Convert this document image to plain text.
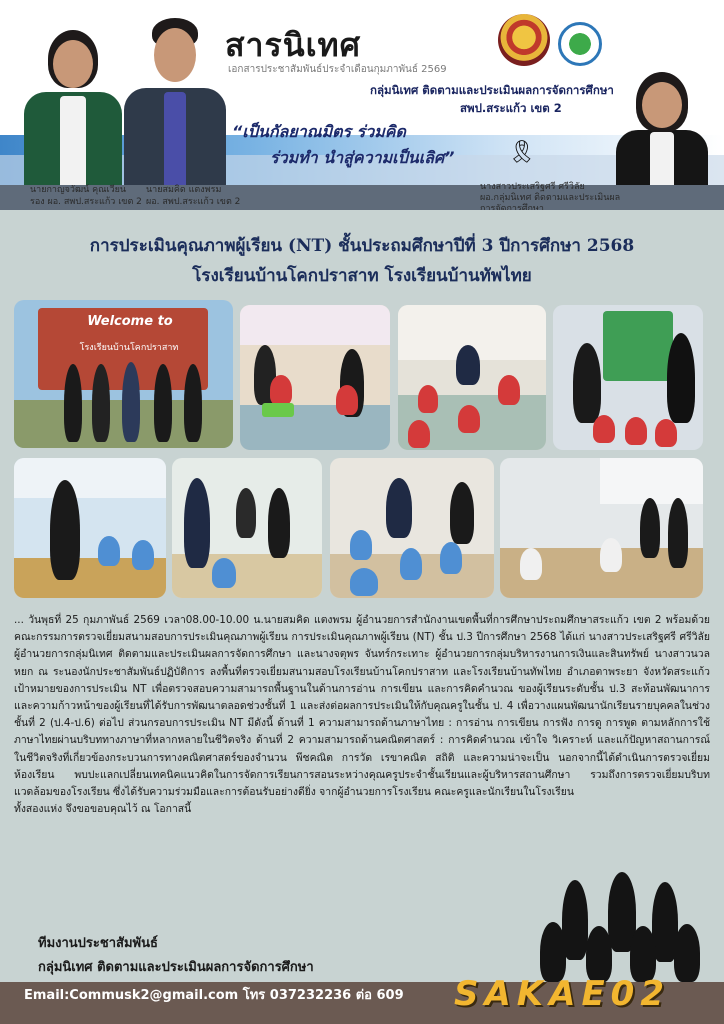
สารนิเทศ
เอกสารประชาสัมพันธ์ประจำเดือนกุมภาพันธ์ 2569
กลุ่มนิเทศ ติดตามและประเมินผลการจัดการศึกษา
สพป.สระแก้ว เขต 2
“เป็นกัลยาณมิตร ร่วมคิด
ร่วมทำ นำสู่ความเป็นเลิศ” 🎗
นายกาญจวัฒน์ คุณเวียน
รอง ผอ. สพป.สระแก้ว เขต 2
นายสมคิด แตงพรม
ผอ. สพป.สระแก้ว เขต 2
นางสาวประเสริฐศรี ศรีวิลัย
ผอ.กลุ่มนิเทศ ติดตามและประเมินผล
การจัดการศึกษา
การประเมินคุณภาพผู้เรียน (NT) ชั้นประถมศึกษาปีที่ 3 ปีการศึกษา 2568
โรงเรียนบ้านโคกปราสาท โรงเรียนบ้านทัพไทย
Welcome to
โรงเรียนบ้านโคกปราสาท
... วันพุธที่ 25 กุมภาพันธ์ 2569 เวลา08.00-10.00 น.นายสมคิด แตงพรม ผู้อำนวยการสำนักงานเขตพื้นที่การศึกษาประถมศึกษาสระแก้ว เขต 2 พร้อมด้วยคณะกรรมการตรวจเยี่ยมสนามสอบการประเมินคุณภาพผู้เรียน การประเมินคุณภาพผู้เรียน (NT) ชั้น ป.3 ปีการศึกษา 2568 ได้แก่ นางสาวประเสริฐศรี ศรีวิลัย ผู้อำนวยการกลุ่มนิเทศ ติดตามและประเมินผลการจัดการศึกษา และนางจตุพร จันทร์กระเทาะ ผู้อำนวยการกลุ่มบริหารงานการเงินและสินทรัพย์ นางสาวนวลหยก ณ ระนองนักประชาสัมพันธ์ปฏิบัติการ ลงพื้นที่ตรวจเยี่ยมสนามสอบโรงเรียนบ้านโคกปราสาท และโรงเรียนบ้านทัพไทย อำเภอตาพระยา จังหวัดสระแก้ว เป้าหมายของการประเมิน NT เพื่อตรวจสอบความสามารถพื้นฐานในด้านการอ่าน การเขียน และการคิดคำนวณ ของผู้เรียนระดับชั้น ป.3 สะท้อนพัฒนาการและความก้าวหน้าของผู้เรียนที่ได้รับการพัฒนาตลอดช่วงชั้นที่ 1 และส่งต่อผลการประเมินให้กับคุณครูในชั้น ป. 4 เพื่อวางแผนพัฒนานักเรียนรายบุคคลในช่วงชั้นที่ 2 (ป.4-ป.6) ต่อไป ส่วนกรอบการประเมิน NT มีดังนี้ ด้านที่ 1 ความสามารถด้านภาษาไทย : การอ่าน การเขียน การฟัง การดู การพูด ตามหลักการใช้ภาษาไทยผ่านบริบททางภาษาที่หลากหลายในชีวิตจริง ด้านที่ 2 ความสามารถด้านคณิตศาสตร์ : การคิดคำนวณ เข้าใจ วิเคราะห์ และแก้ปัญหาสถานการณ์ในชีวิตจริงที่เกี่ยวข้องกระบวนการทางคณิตศาสตร์ของจำนวน พีชคณิต การวัด เรขาคณิต สถิติ และความน่าจะเป็น นอกจากนี้ได้ดำเนินการตรวจเยี่ยมห้องเรียน พบปะแลกเปลี่ยนเทคนิคแนวคิดในการจัดการเรียนการสอนระหว่างคุณครูประจำชั้นเรียนและผู้บริหารสถานศึกษา รวมถึงการตรวจเยี่ยมบริบทแวดล้อมของโรงเรียน ซึ่งได้รับความร่วมมือและการต้อนรับอย่างดียิ่ง จากผู้อำนวยการโรงเรียน คณะครูและนักเรียนในโรงเรียน
ทั้งสองแห่ง จึงขอขอบคุณไว้ ณ โอกาสนี้
ทีมงานประชาสัมพันธ์
กลุ่มนิเทศ ติดตามและประเมินผลการจัดการศึกษา
Email:Commusk2@gmail.com โทร 037232236 ต่อ 609 SAKAE02
